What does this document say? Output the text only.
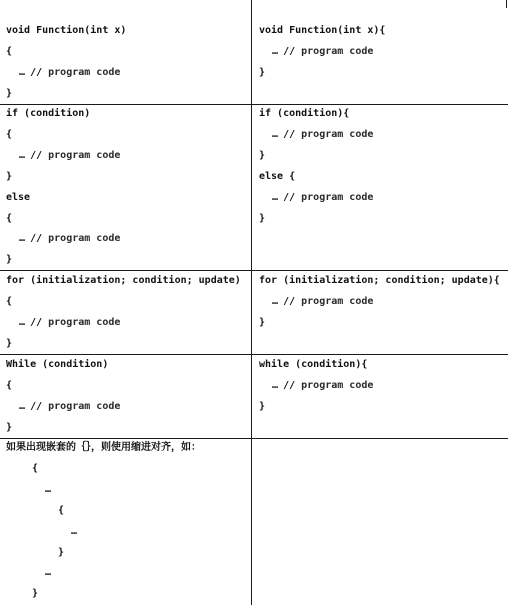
void Function(int x)
{
… // program code
}
void Function(int x){
… // program code
}
if (condition)
{
… // program code
}
else
{
… // program code
}
if (condition){
… // program code
}
else {
… // program code
}
for (initialization; condition; update)
{
… // program code
}
for (initialization; condition; update){
… // program code
}
While (condition)
{
… // program code
}
while (condition){
… // program code
}
如果出现嵌套的｛｝，则使用缩进对齐，如：
{
…
{
…
}
…
}
